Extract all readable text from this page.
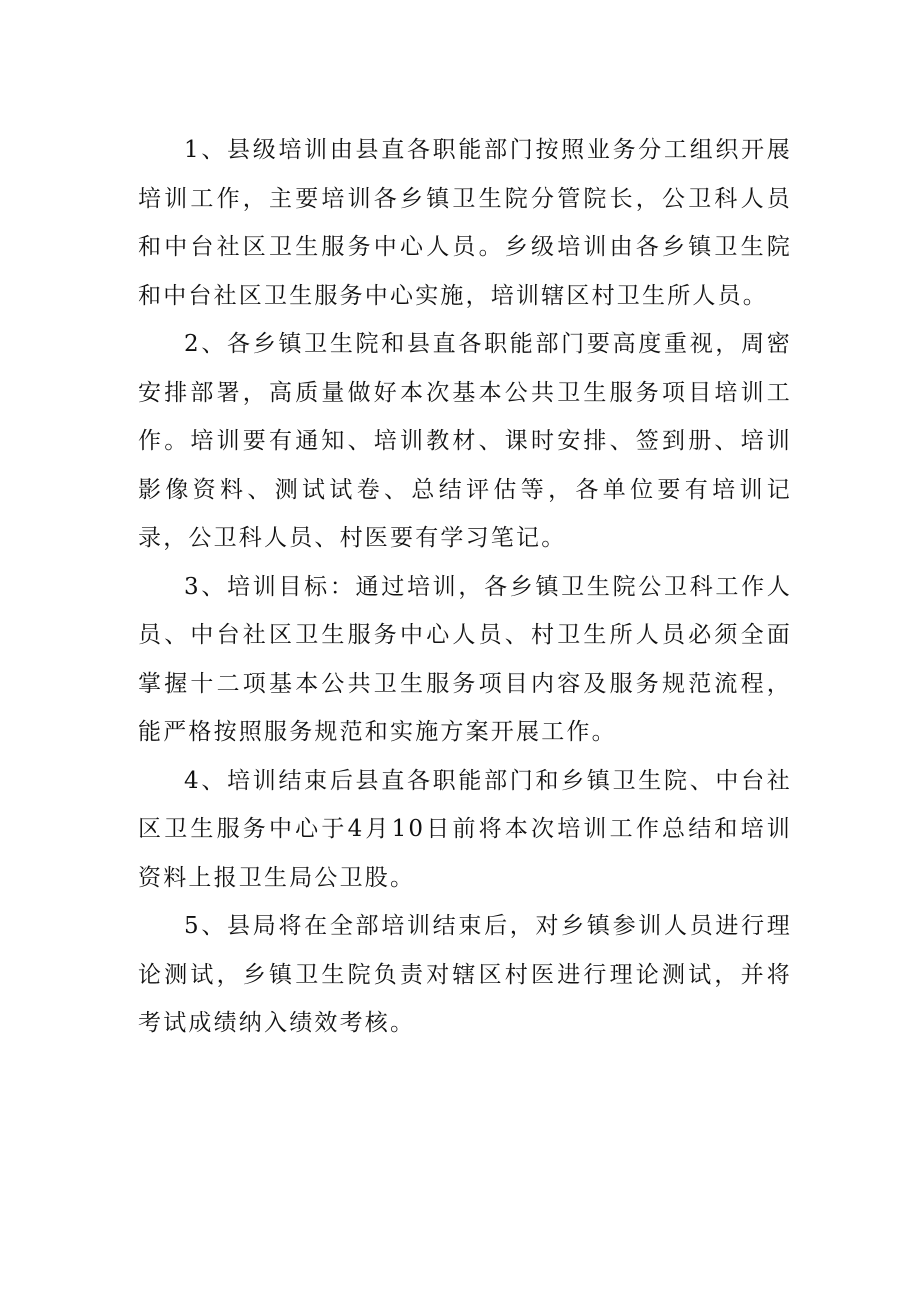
1、县级培训由县直各职能部门按照业务分工组织开展培训工作，主要培训各乡镇卫生院分管院长，公卫科人员和中台社区卫生服务中心人员。乡级培训由各乡镇卫生院和中台社区卫生服务中心实施，培训辖区村卫生所人员。

2、各乡镇卫生院和县直各职能部门要高度重视，周密安排部署，高质量做好本次基本公共卫生服务项目培训工作。培训要有通知、培训教材、课时安排、签到册、培训影像资料、测试试卷、总结评估等，各单位要有培训记录，公卫科人员、村医要有学习笔记。

3、培训目标：通过培训，各乡镇卫生院公卫科工作人员、中台社区卫生服务中心人员、村卫生所人员必须全面掌握十二项基本公共卫生服务项目内容及服务规范流程，能严格按照服务规范和实施方案开展工作。

4、培训结束后县直各职能部门和乡镇卫生院、中台社区卫生服务中心于4月10日前将本次培训工作总结和培训资料上报卫生局公卫股。

5、县局将在全部培训结束后，对乡镇参训人员进行理论测试，乡镇卫生院负责对辖区村医进行理论测试，并将考试成绩纳入绩效考核。
